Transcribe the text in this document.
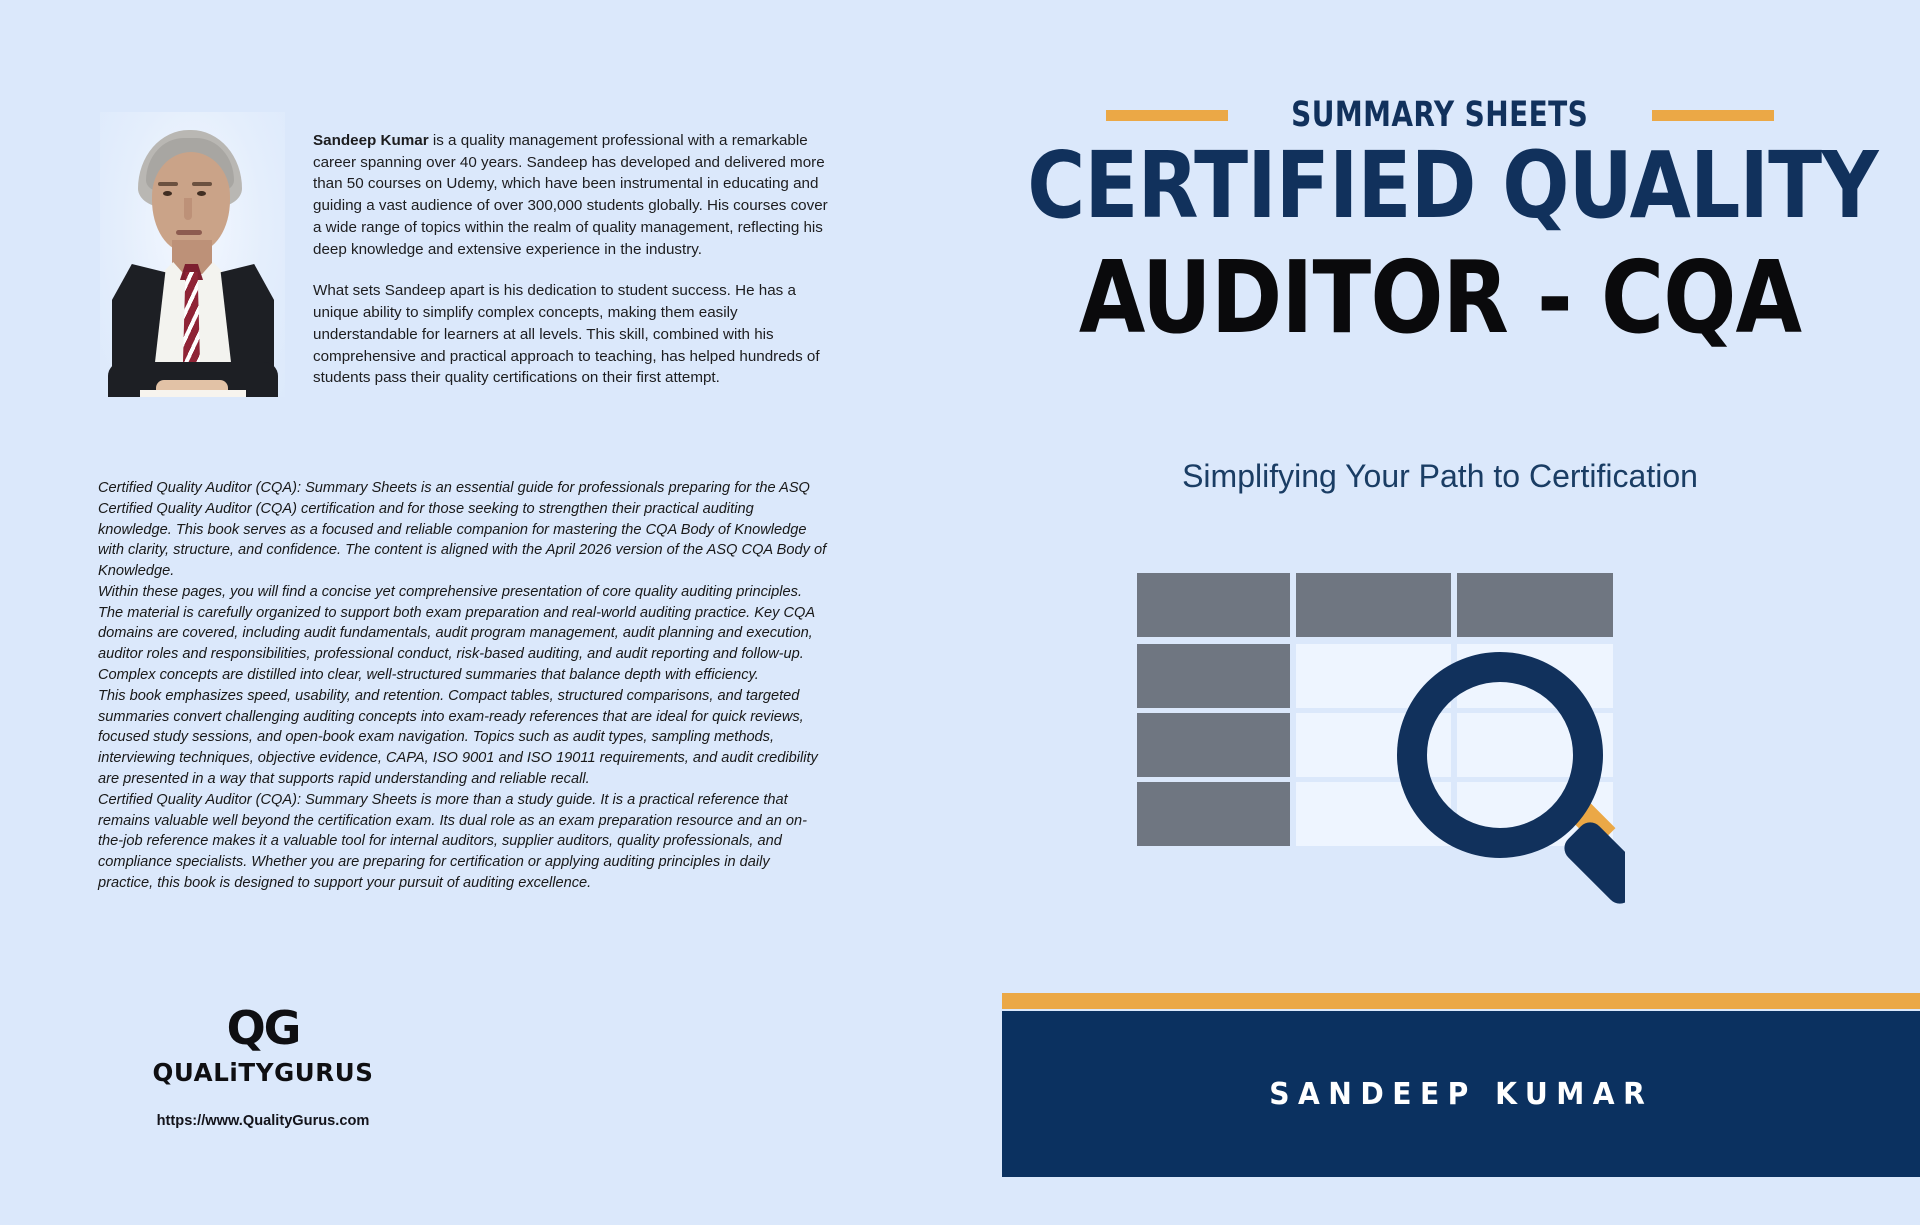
Sandeep Kumar is a quality management professional with a remarkable career spanning over 40 years. Sandeep has developed and delivered more than 50 courses on Udemy, which have been instrumental in educating and guiding a vast audience of over 300,000 students globally. His courses cover a wide range of topics within the realm of quality management, reflecting his deep knowledge and extensive experience in the industry.

What sets Sandeep apart is his dedication to student success. He has a unique ability to simplify complex concepts, making them easily understandable for learners at all levels. This skill, combined with his comprehensive and practical approach to teaching, has helped hundreds of students pass their quality certifications on their first attempt.

Certified Quality Auditor (CQA): Summary Sheets is an essential guide for professionals preparing for the ASQ Certified Quality Auditor (CQA) certification and for those seeking to strengthen their practical auditing knowledge. This book serves as a focused and reliable companion for mastering the CQA Body of Knowledge with clarity, structure, and confidence. The content is aligned with the April 2026 version of the ASQ CQA Body of Knowledge.

Within these pages, you will find a concise yet comprehensive presentation of core quality auditing principles. The material is carefully organized to support both exam preparation and real-world auditing practice. Key CQA domains are covered, including audit fundamentals, audit program management, audit planning and execution, auditor roles and responsibilities, professional conduct, risk-based auditing, and audit reporting and follow-up. Complex concepts are distilled into clear, well-structured summaries that balance depth with efficiency.

This book emphasizes speed, usability, and retention. Compact tables, structured comparisons, and targeted summaries convert challenging auditing concepts into exam-ready references that are ideal for quick reviews, focused study sessions, and open-book exam navigation. Topics such as audit types, sampling methods, interviewing techniques, objective evidence, CAPA, ISO 9001 and ISO 19011 requirements, and audit credibility are presented in a way that supports rapid understanding and reliable recall.

Certified Quality Auditor (CQA): Summary Sheets is more than a study guide. It is a practical reference that remains valuable well beyond the certification exam. Its dual role as an exam preparation resource and an on-the-job reference makes it a valuable tool for internal auditors, supplier auditors, quality professionals, and compliance specialists. Whether you are preparing for certification or applying auditing principles in daily practice, this book is designed to support your pursuit of auditing excellence.

QG
QUALiTYGURUS
https://www.QualityGurus.com
SUMMARY SHEETS
CERTIFIED QUALITY
AUDITOR - CQA
Simplifying Your Path to Certification
SANDEEP KUMAR
